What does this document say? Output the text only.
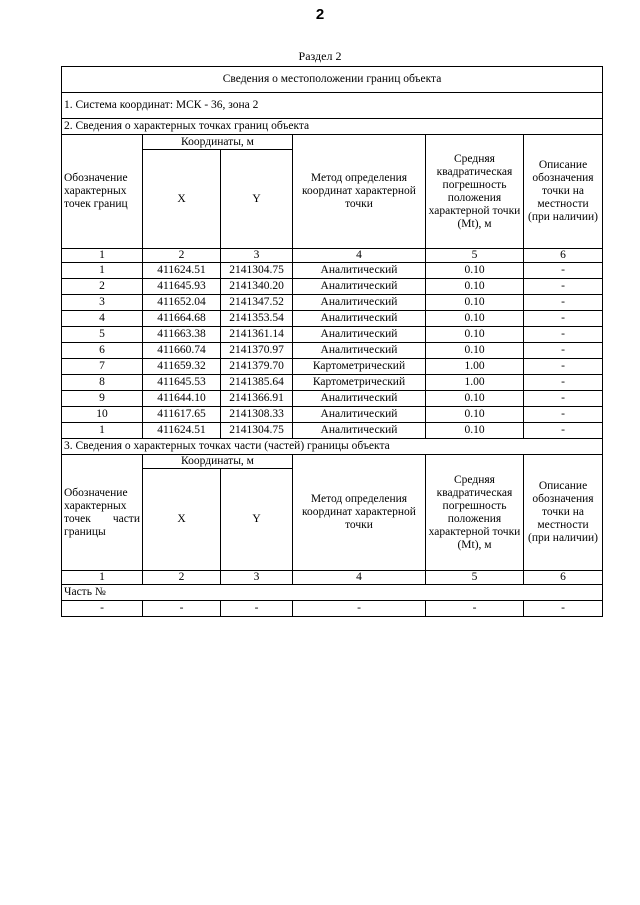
2
Раздел 2
Сведения о местоположении границ объекта					
1. Система координат: МСК - 36, зона 2					
2. Сведения о характерных точках границ объекта					
Обозначение характерных точек границ	Координаты, м		Метод определения координат характерной точки	Средняя квадратическая погрешность положения характерной точки (Mt), м	Описание обозначения точки на местности (при наличии)
	X	Y			
1	2	3	4	5	6
1	411624.51	2141304.75	Аналитический	0.10	-
2	411645.93	2141340.20	Аналитический	0.10	-
3	411652.04	2141347.52	Аналитический	0.10	-
4	411664.68	2141353.54	Аналитический	0.10	-
5	411663.38	2141361.14	Аналитический	0.10	-
6	411660.74	2141370.97	Аналитический	0.10	-
7	411659.32	2141379.70	Картометрический	1.00	-
8	411645.53	2141385.64	Картометрический	1.00	-
9	411644.10	2141366.91	Аналитический	0.10	-
10	411617.65	2141308.33	Аналитический	0.10	-
1	411624.51	2141304.75	Аналитический	0.10	-
3. Сведения о характерных точках части (частей) границы объекта					
Обозначение характерных точек части границы	Координаты, м		Метод определения координат характерной точки	Средняя квадратическая погрешность положения характерной точки (Mt), м	Описание обозначения точки на местности (при наличии)
	X	Y			
1	2	3	4	5	6
Часть №					
-	-	-	-	-	-
